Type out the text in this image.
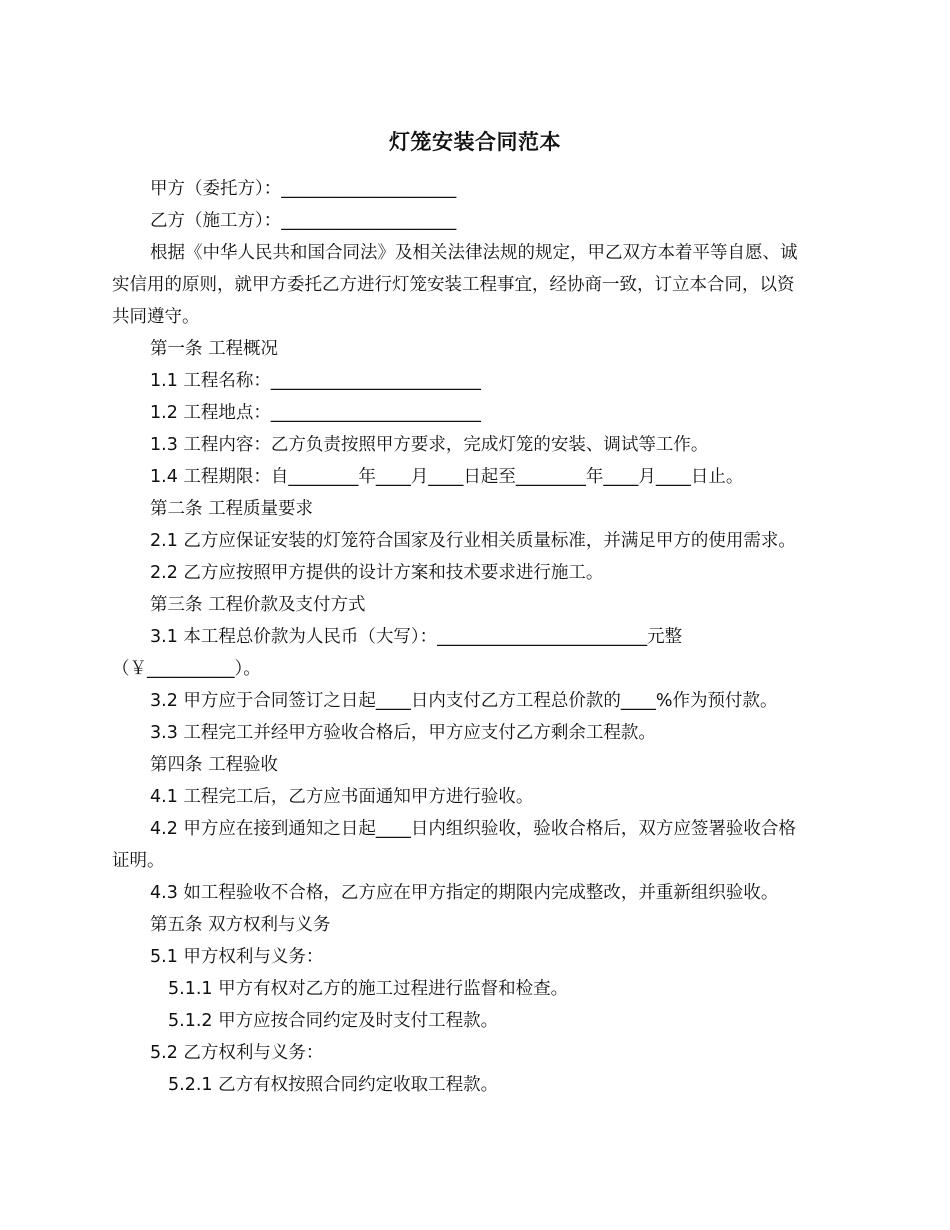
灯笼安装合同范本
甲方（委托方）：____________________
乙方（施工方）：____________________
根据《中华人民共和国合同法》及相关法律法规的规定，甲乙双方本着平等自愿、诚
实信用的原则，就甲方委托乙方进行灯笼安装工程事宜，经协商一致，订立本合同，以资
共同遵守。
第一条 工程概况
1.1 工程名称：________________________
1.2 工程地点：________________________
1.3 工程内容：乙方负责按照甲方要求，完成灯笼的安装、调试等工作。
1.4 工程期限：自________年____月____日起至________年____月____日止。
第二条 工程质量要求
2.1 乙方应保证安装的灯笼符合国家及行业相关质量标准，并满足甲方的使用需求。
2.2 乙方应按照甲方提供的设计方案和技术要求进行施工。
第三条 工程价款及支付方式
3.1 本工程总价款为人民币（大写）：________________________元整
（￥__________）。
3.2 甲方应于合同签订之日起____日内支付乙方工程总价款的____%作为预付款。
3.3 工程完工并经甲方验收合格后，甲方应支付乙方剩余工程款。
第四条 工程验收
4.1 工程完工后，乙方应书面通知甲方进行验收。
4.2 甲方应在接到通知之日起____日内组织验收，验收合格后，双方应签署验收合格
证明。
4.3 如工程验收不合格，乙方应在甲方指定的期限内完成整改，并重新组织验收。
第五条 双方权利与义务
5.1 甲方权利与义务：
5.1.1 甲方有权对乙方的施工过程进行监督和检查。
5.1.2 甲方应按合同约定及时支付工程款。
5.2 乙方权利与义务：
5.2.1 乙方有权按照合同约定收取工程款。
